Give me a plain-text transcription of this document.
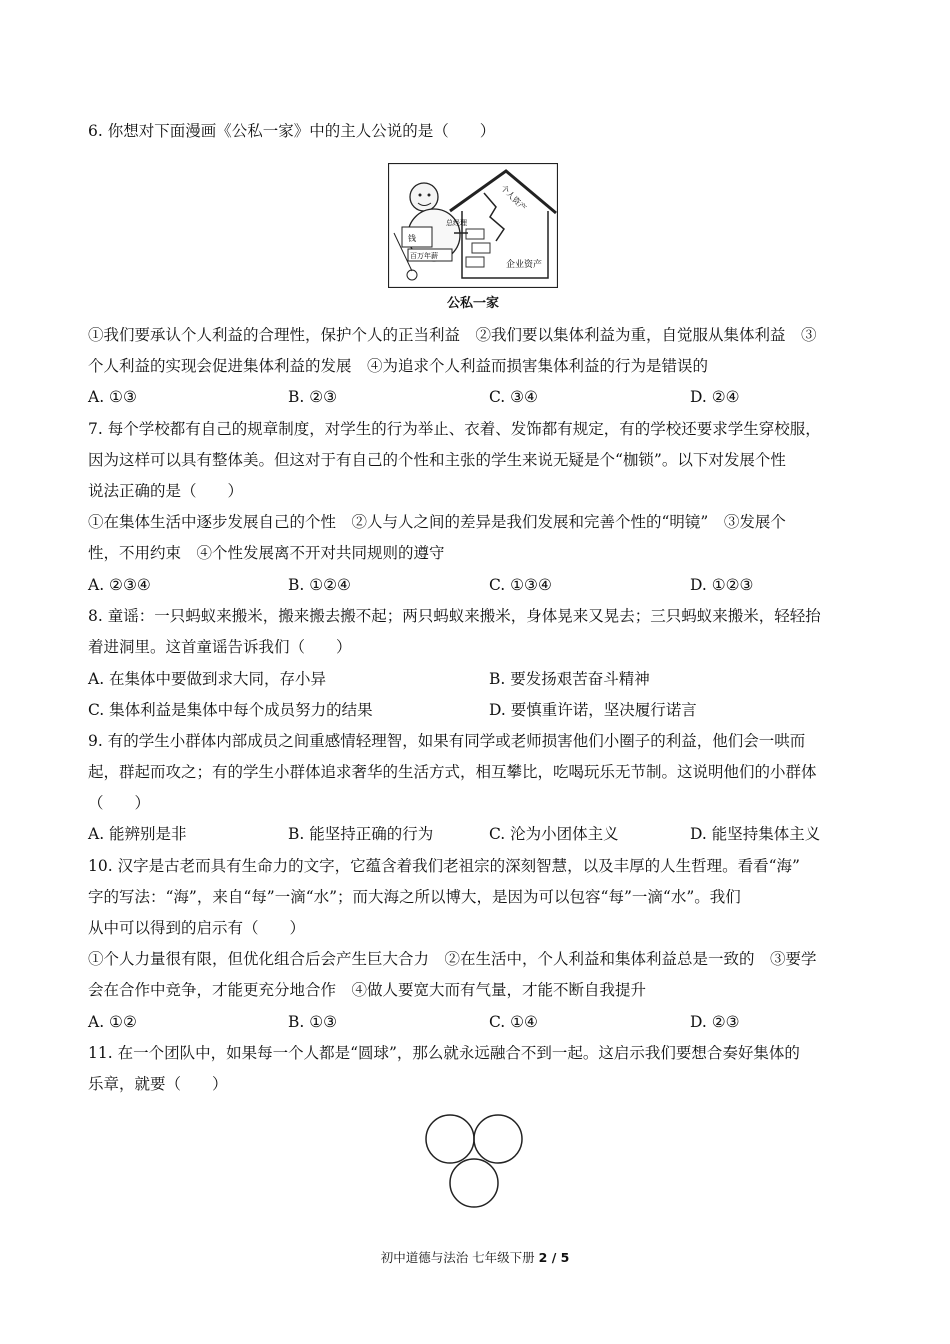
6. 你想对下面漫画《公私一家》中的主人公说的是（　　）
个人资产
企业资产
总经理
钱
百万年薪
公私一家
①我们要承认个人利益的合理性，保护个人的正当利益　②我们要以集体利益为重，自觉服从集体利益　③
个人利益的实现会促进集体利益的发展　④为追求个人利益而损害集体利益的行为是错误的
A. ①③	B. ②③	C. ③④	D. ②④
7. 每个学校都有自己的规章制度，对学生的行为举止、衣着、发饰都有规定，有的学校还要求学生穿校服，
因为这样可以具有整体美。但这对于有自己的个性和主张的学生来说无疑是个“枷锁”。以下对发展个性
说法正确的是（　　）
①在集体生活中逐步发展自己的个性　②人与人之间的差异是我们发展和完善个性的“明镜”　③发展个
性，不用约束　④个性发展离不开对共同规则的遵守
A. ②③④	B. ①②④	C. ①③④	D. ①②③
8. 童谣：一只蚂蚁来搬米，搬来搬去搬不起；两只蚂蚁来搬米，身体晃来又晃去；三只蚂蚁来搬米，轻轻抬
着进洞里。这首童谣告诉我们（　　）
A. 在集体中要做到求大同，存小异	B. 要发扬艰苦奋斗精神
C. 集体利益是集体中每个成员努力的结果	D. 要慎重许诺，坚决履行诺言
9. 有的学生小群体内部成员之间重感情轻理智，如果有同学或老师损害他们小圈子的利益，他们会一哄而
起，群起而攻之；有的学生小群体追求奢华的生活方式，相互攀比，吃喝玩乐无节制。这说明他们的小群体
（　　）
A. 能辨别是非	B. 能坚持正确的行为	C. 沦为小团体主义	D. 能坚持集体主义
10. 汉字是古老而具有生命力的文字，它蕴含着我们老祖宗的深刻智慧，以及丰厚的人生哲理。看看“海”
字的写法：“海”，来自“每”一滴“水”；而大海之所以博大，是因为可以包容“每”一滴“水”。我们
从中可以得到的启示有（　　）
①个人力量很有限，但优化组合后会产生巨大合力　②在生活中，个人利益和集体利益总是一致的　③要学
会在合作中竞争，才能更充分地合作　④做人要宽大而有气量，才能不断自我提升
A. ①②	B. ①③	C. ①④	D. ②③
11. 在一个团队中，如果每一个人都是“圆球”，那么就永远融合不到一起。这启示我们要想合奏好集体的
乐章，就要（　　）
初中道德与法治 七年级下册 2 / 5
